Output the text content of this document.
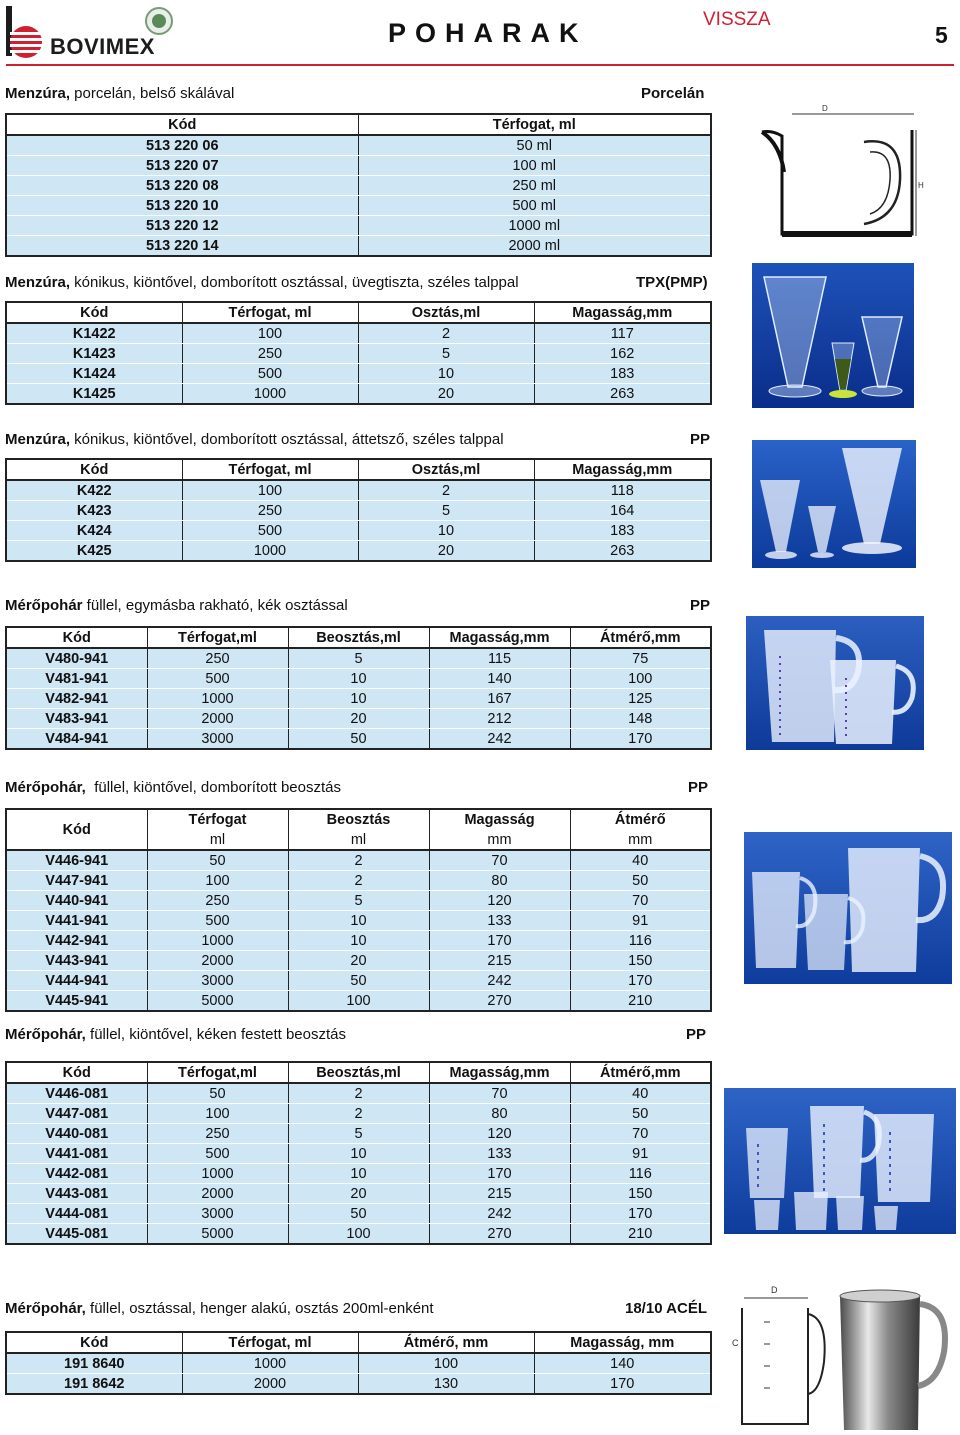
BOVIMEX	POHARAK	VISSZA
5
Menzúra, porcelán, belső skálával	Porcelán
Kód	Térfogat, ml
513 220 06	50 ml
513 220 07	100 ml
513 220 08	250 ml
513 220 10	500 ml
513 220 12	1000 ml
513 220 14	2000 ml
Menzúra, kónikus, kiöntővel, domborított osztással, üvegtiszta, széles talppal	TPX(PMP)
Kód	Térfogat, ml	Osztás,ml	Magasság,mm
K1422	100	2	117
K1423	250	5	162
K1424	500	10	183
K1425	1000	20	263
Menzúra, kónikus, kiöntővel, domborított osztással, áttetsző, széles talppal	PP
Kód	Térfogat, ml	Osztás,ml	Magasság,mm
K422	100	2	118
K423	250	5	164
K424	500	10	183
K425	1000	20	263
Mérőpohár füllel, egymásba rakható, kék osztással	PP
Kód	Térfogat,ml	Beosztás,ml	Magasság,mm	Átmérő,mm
V480-941	250	5	115	75
V481-941	500	10	140	100
V482-941	1000	10	167	125
V483-941	2000	20	212	148
V484-941	3000	50	242	170
Mérőpohár,  füllel, kiöntővel, domborított beosztás	PP
Kód	Térfogat	Beosztás	Magasság	Átmérő
	ml	ml	mm	mm
V446-941	50	2	70	40
V447-941	100	2	80	50
V440-941	250	5	120	70
V441-941	500	10	133	91
V442-941	1000	10	170	116
V443-941	2000	20	215	150
V444-941	3000	50	242	170
V445-941	5000	100	270	210
Mérőpohár, füllel, kiöntővel, kéken festett beosztás	PP
Kód	Térfogat,ml	Beosztás,ml	Magasság,mm	Átmérő,mm
V446-081	50	2	70	40
V447-081	100	2	80	50
V440-081	250	5	120	70
V441-081	500	10	133	91
V442-081	1000	10	170	116
V443-081	2000	20	215	150
V444-081	3000	50	242	170
V445-081	5000	100	270	210
Mérőpohár, füllel, osztással, henger alakú, osztás 200ml-enként	18/10 ACÉL
Kód	Térfogat, ml	Átmérő, mm	Magasság, mm
191 8640	1000	100	140
191 8642	2000	130	170
D
H
D
C
